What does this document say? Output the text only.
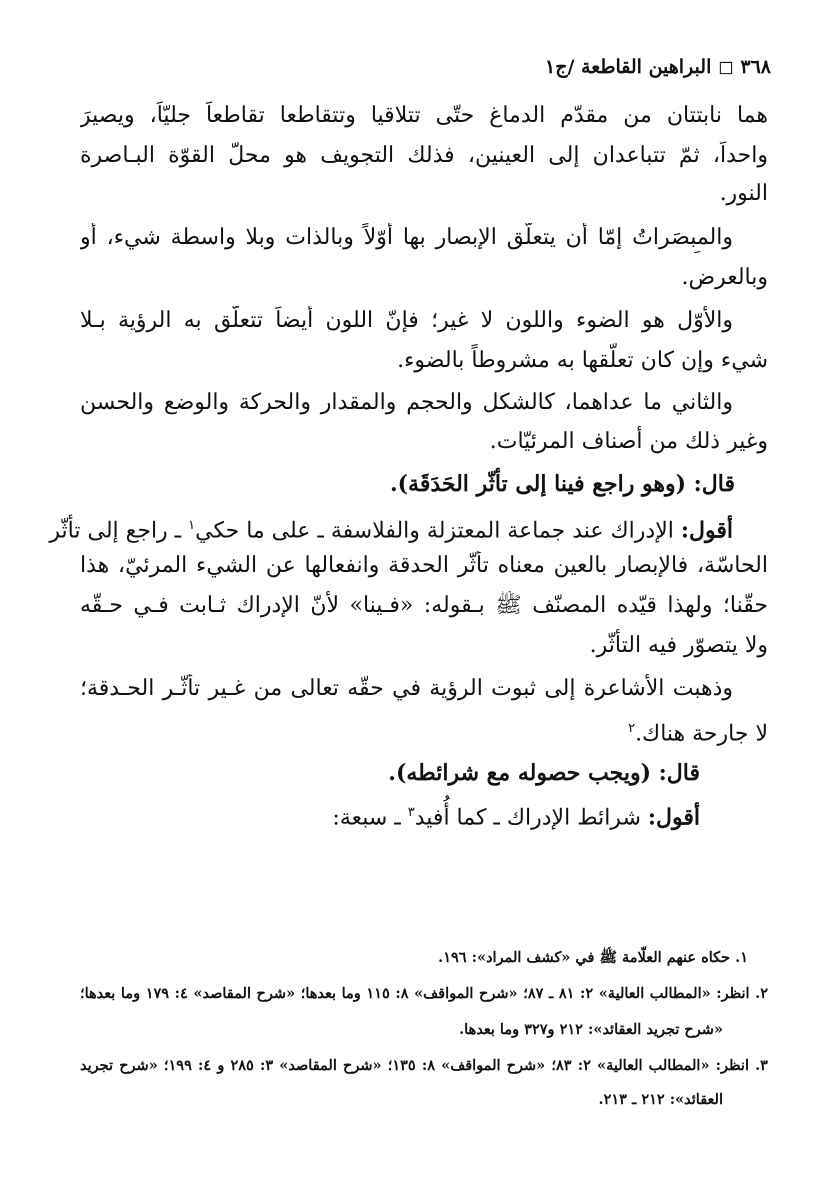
٣٦٨ ◻ البراهين القاطعة /ج١
هما نابتتان من مقدّم الدماغ حتّى تتلاقيا وتتقاطعا تقاطعاً جليّاً، ويصيرَ
واحداً، ثمّ تتباعدان إلى العينين، فذلك التجويف هو محلّ القوّة البـاصرة
النور.
والمبصَراتُ إمّا أن يتعلّق الإبصار بها أوّلاً وبالذات وبلا واسطة شيء، أو
وبالعرض.
والأوّل هو الضوء واللون لا غير؛ فإنّ اللون أيضاً تتعلّق به الرؤية بـلا
شيء وإن كان تعلّقها به مشروطاً بالضوء.
والثاني ما عداهما، كالشكل والحجم والمقدار والحركة والوضع والحسن
وغير ذلك من أصناف المرئيّات.
قال: (وهو راجع فينا إلى تأثّر الحَدَقَة).
أقول: الإدراك عند جماعة المعتزلة والفلاسفة ـ على ما حكي$^١$ ـ راجع إلى تأثّر
الحاسّة، فالإبصار بالعين معناه تأثّر الحدقة وانفعالها عن الشيء المرئيّ، هذا
حقّنا؛ ولهذا قيّده المصنّف ﷺ بـقوله: «فـينا» لأنّ الإدراك ثـابت فـي حـقّه
ولا يتصوّر فيه التأثّر.
وذهبت الأشاعرة إلى ثبوت الرؤية في حقّه تعالى من غـير تأثّـر الحـدقة؛
لا جارحة هناك.$^٢$
قال: (ويجب حصوله مع شرائطه).
أقول: شرائط الإدراك ـ كما أُفيد$^٣$ ـ سبعة:
١. حكاه عنهم العلّامة ﷺ في «كشف المراد»: ١٩٦.
٢. انظر: «المطالب العالية» ٢: ٨١ ـ ٨٧؛ «شرح المواقف» ٨: ١١٥ وما بعدها؛ «شرح المقاصد» ٤: ١٧٩ وما بعدها؛
«شرح تجريد العقائد»: ٢١٢ و٣٢٧ وما بعدها.
٣. انظر: «المطالب العالية» ٢: ٨٣؛ «شرح المواقف» ٨: ١٣٥؛ «شرح المقاصد» ٣: ٢٨٥ و ٤: ١٩٩؛ «شرح تجريد
العقائد»: ٢١٢ ـ ٢١٣.
